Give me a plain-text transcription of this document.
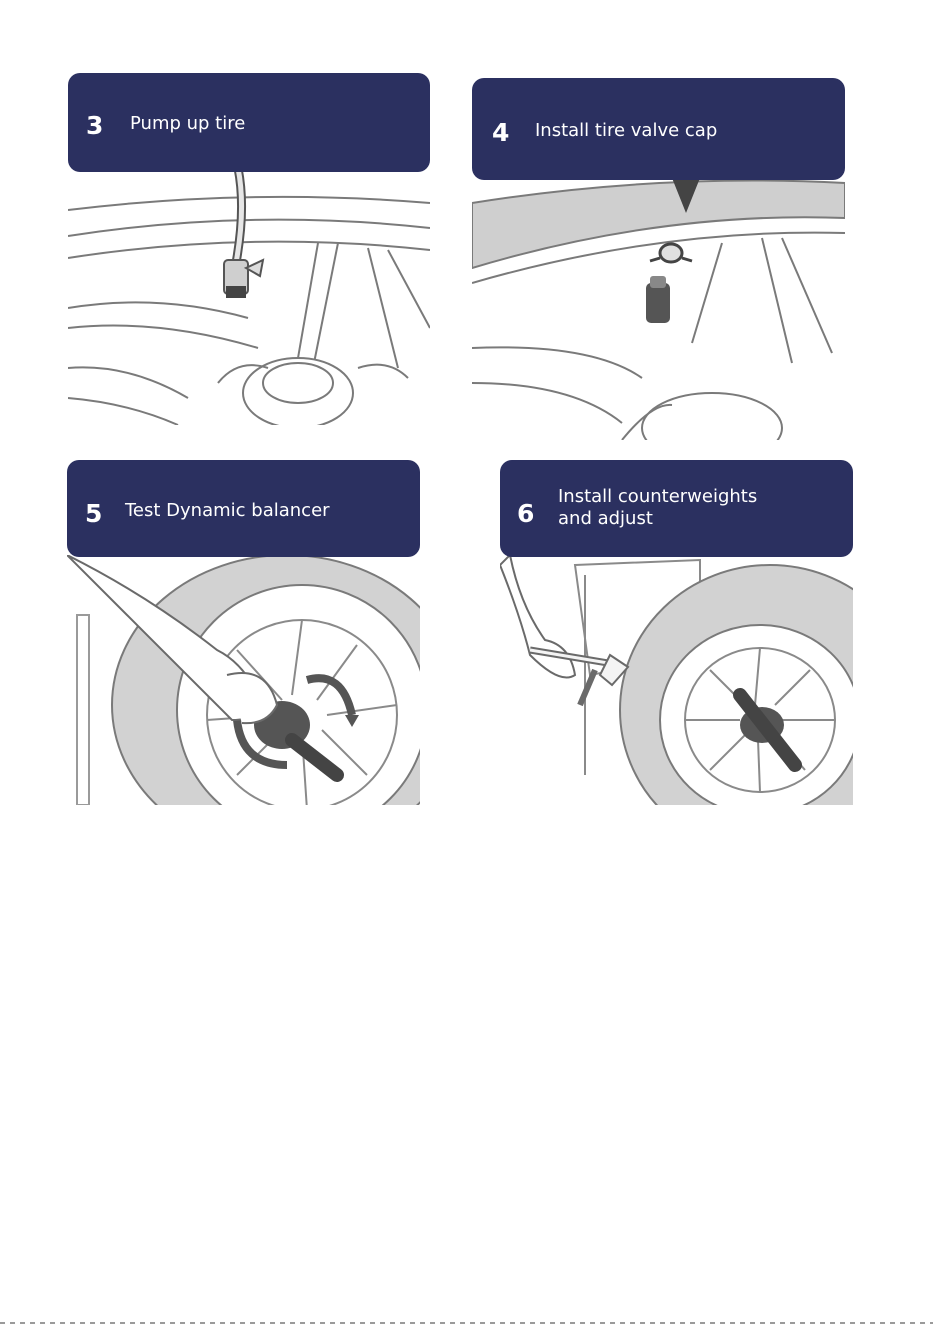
3 Pump up tire	4 Install tire valve cap
5 Test Dynamic balancer	6
Install counterweights
and adjust
